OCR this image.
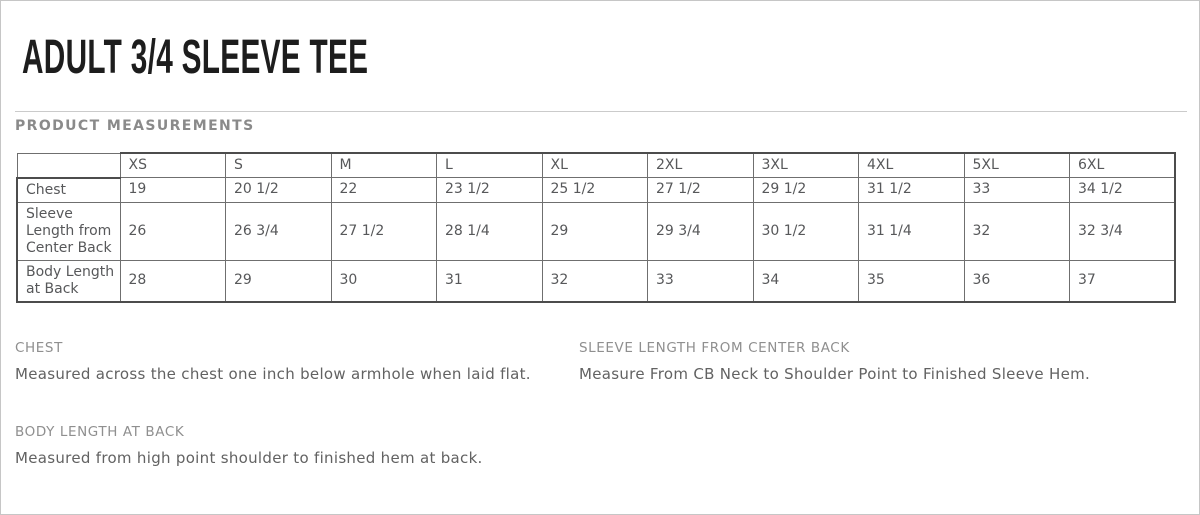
ADULT 3/4 SLEEVE TEE
PRODUCT MEASUREMENTS
	XS	S	M	L	XL	2XL	3XL	4XL	5XL	6XL
Chest	19	20 1/2	22	23 1/2	25 1/2	27 1/2	29 1/2	31 1/2	33	34 1/2
Sleeve Length from Center Back	26	26 3/4	27 1/2	28 1/4	29	29 3/4	30 1/2	31 1/4	32	32 3/4
Body Length at Back	28	29	30	31	32	33	34	35	36	37
CHEST
Measured across the chest one inch below armhole when laid flat.
SLEEVE LENGTH FROM CENTER BACK
Measure From CB Neck to Shoulder Point to Finished Sleeve Hem.
BODY LENGTH AT BACK
Measured from high point shoulder to finished hem at back.
